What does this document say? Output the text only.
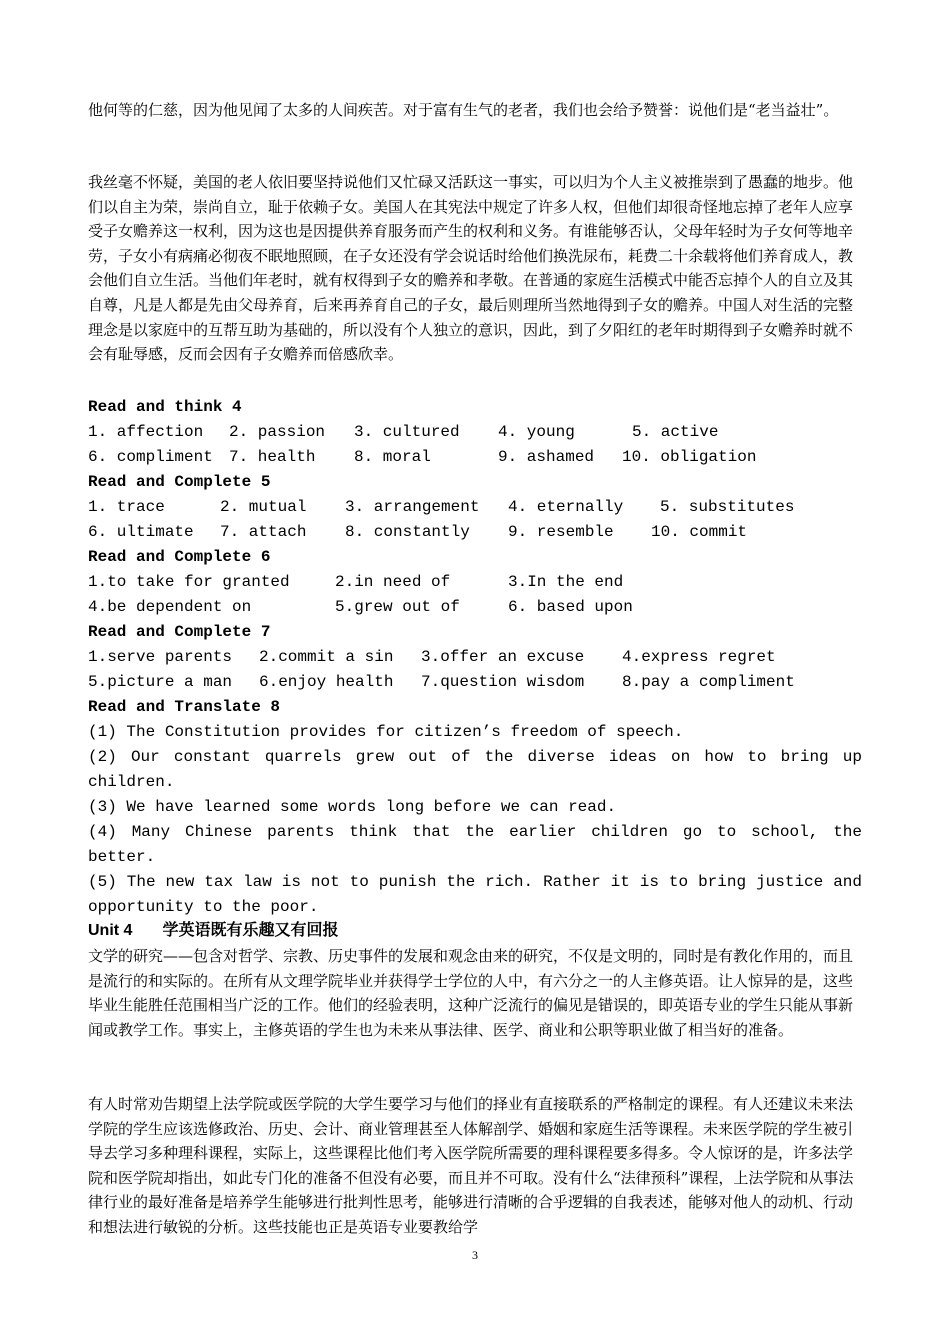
他何等的仁慈，因为他见闻了太多的人间疾苦。对于富有生气的老者，我们也会给予赞誉：说他们是“老当益壮”。

我丝毫不怀疑，美国的老人依旧要坚持说他们又忙碌又活跃这一事实，可以归为个人主义被推崇到了愚蠢的地步。他们以自主为荣，崇尚自立，耻于依赖子女。美国人在其宪法中规定了许多人权，但他们却很奇怪地忘掉了老年人应享受子女赡养这一权利，因为这也是因提供养育服务而产生的权利和义务。有谁能够否认，父母年轻时为子女何等地辛劳，子女小有病痛必彻夜不眠地照顾，在子女还没有学会说话时给他们换洗尿布，耗费二十余载将他们养育成人，教会他们自立生活。当他们年老时，就有权得到子女的赡养和孝敬。在普通的家庭生活模式中能否忘掉个人的自立及其自尊，凡是人都是先由父母养育，后来再养育自己的子女，最后则理所当然地得到子女的赡养。中国人对生活的完整理念是以家庭中的互帮互助为基础的，所以没有个人独立的意识，因此，到了夕阳红的老年时期得到子女赡养时就不会有耻辱感，反而会因有子女赡养而倍感欣幸。

Read and think 4
1. affection 2. passion 3. cultured 4. young	5. active
6. compliment 7. health 8. moral	9. ashamed 10. obligation
Read and Complete 5
1. trace	2. mutual 3. arrangement 4. eternally 5. substitutes
6. ultimate 7. attach 8. constantly 9. resemble 10. commit
Read and Complete 6
1.to take for granted	2.in need of	3.In the end
4.be dependent on	5.grew out of	6. based upon
Read and Complete 7
1.serve parents 2.commit a sin 3.offer an excuse 4.express regret
5.picture a man 6.enjoy health 7.question wisdom 8.pay a compliment
Read and Translate 8

(1) The Constitution provides for citizen’s freedom of speech.

(2) Our constant quarrels grew out of the diverse ideas on how to bring up children.

(3) We have learned some words long before we can read.

(4) Many Chinese parents think that the earlier children go to school, the better.

(5) The new tax law is not to punish the rich. Rather it is to bring justice and opportunity to the poor.

Unit 4 学英语既有乐趣又有回报

文学的研究——包含对哲学、宗教、历史事件的发展和观念由来的研究，不仅是文明的，同时是有教化作用的，而且是流行的和实际的。在所有从文理学院毕业并获得学士学位的人中，有六分之一的人主修英语。让人惊异的是，这些毕业生能胜任范围相当广泛的工作。他们的经验表明，这种广泛流行的偏见是错误的，即英语专业的学生只能从事新闻或教学工作。事实上，主修英语的学生也为未来从事法律、医学、商业和公职等职业做了相当好的准备。

有人时常劝告期望上法学院或医学院的大学生要学习与他们的择业有直接联系的严格制定的课程。有人还建议未来法学院的学生应该选修政治、历史、会计、商业管理甚至人体解剖学、婚姻和家庭生活等课程。未来医学院的学生被引导去学习多种理科课程，实际上，这些课程比他们考入医学院所需要的理科课程要多得多。令人惊讶的是，许多法学院和医学院却指出，如此专门化的准备不但没有必要，而且并不可取。没有什么“法律预科”课程，上法学院和从事法律行业的最好准备是培养学生能够进行批判性思考，能够进行清晰的合乎逻辑的自我表述，能够对他人的动机、行动和想法进行敏锐的分析。这些技能也正是英语专业要教给学

3
